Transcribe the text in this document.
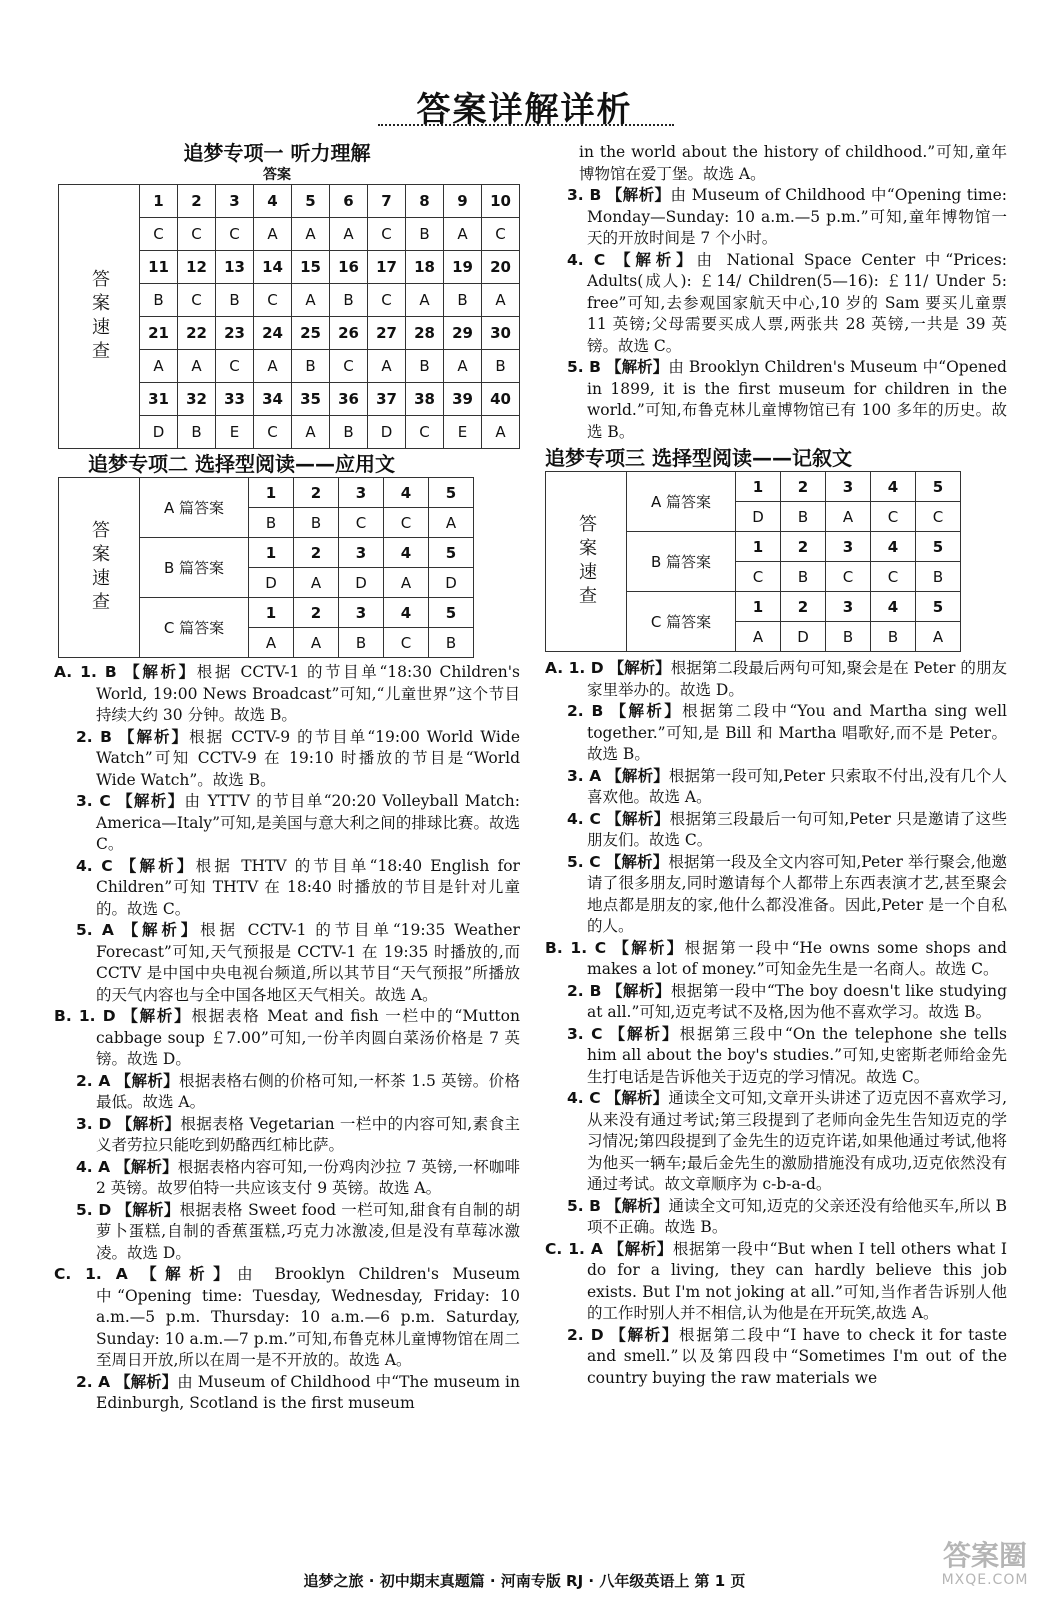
答案详解详析
追梦专项一 听力理解
答案
答案速查	1	2	3	4	5	6	7	8	9	10
	C	C	C	A	A	A	C	B	A	C
	11	12	13	14	15	16	17	18	19	20
	B	C	B	C	A	B	C	A	B	A
	21	22	23	24	25	26	27	28	29	30
	A	A	C	A	B	C	A	B	A	B
	31	32	33	34	35	36	37	38	39	40
	D	B	E	C	A	B	D	C	E	A
追梦专项二 选择型阅读——应用文
答案速查	A 篇答案	1	2	3	4	5
		B	B	C	C	A
	B 篇答案	1	2	3	4	5
		D	A	D	A	D
	C 篇答案	1	2	3	4	5
		A	A	B	C	B
A. 1. B 【解析】根据 CCTV-1 的节目单“18:30 Children's World, 19:00 News Broadcast”可知,“儿童世界”这个节目持续大约 30 分钟。故选 B。
2. B 【解析】根据 CCTV-9 的节目单“19:00 World Wide Watch”可知 CCTV-9 在 19:10 时播放的节目是“World Wide Watch”。故选 B。
3. C 【解析】由 YTTV 的节目单“20:20 Volleyball Match: America—Italy”可知,是美国与意大利之间的排球比赛。故选 C。
4. C 【解析】根据 THTV 的节目单“18:40 English for Children”可知 THTV 在 18:40 时播放的节目是针对儿童的。故选 C。
5. A 【解析】根据 CCTV-1 的节目单“19:35 Weather Forecast”可知,天气预报是 CCTV-1 在 19:35 时播放的,而 CCTV 是中国中央电视台频道,所以其节目“天气预报”所播放的天气内容也与全中国各地区天气相关。故选 A。
B. 1. D 【解析】根据表格 Meat and fish 一栏中的“Mutton cabbage soup ￡7.00”可知,一份羊肉圆白菜汤价格是 7 英镑。故选 D。
2. A 【解析】根据表格右侧的价格可知,一杯茶 1.5 英镑。价格最低。故选 A。
3. D 【解析】根据表格 Vegetarian 一栏中的内容可知,素食主义者劳拉只能吃到奶酪西红柿比萨。
4. A 【解析】根据表格内容可知,一份鸡肉沙拉 7 英镑,一杯咖啡 2 英镑。故罗伯特一共应该支付 9 英镑。故选 A。
5. D 【解析】根据表格 Sweet food 一栏可知,甜食有自制的胡萝卜蛋糕,自制的香蕉蛋糕,巧克力冰激凌,但是没有草莓冰激凌。故选 D。
C. 1. A 【解析】由 Brooklyn Children's Museum 中“Opening time: Tuesday, Wednesday, Friday: 10 a.m.—5 p.m. Thursday: 10 a.m.—6 p.m. Saturday, Sunday: 10 a.m.—7 p.m.”可知,布鲁克林儿童博物馆在周二至周日开放,所以在周一是不开放的。故选 A。
2. A 【解析】由 Museum of Childhood 中“The museum in Edinburgh, Scotland is the first museum
in the world about the history of childhood.”可知,童年博物馆在爱丁堡。故选 A。
3. B 【解析】由 Museum of Childhood 中“Opening time: Monday—Sunday: 10 a.m.—5 p.m.”可知,童年博物馆一天的开放时间是 7 个小时。
4. C 【解析】由 National Space Center 中“Prices: Adults(成人): ￡14/ Children(5—16): ￡11/ Under 5: free”可知,去参观国家航天中心,10 岁的 Sam 要买儿童票 11 英镑;父母需要买成人票,两张共 28 英镑,一共是 39 英镑。故选 C。
5. B 【解析】由 Brooklyn Children's Museum 中“Opened in 1899, it is the first museum for children in the world.”可知,布鲁克林儿童博物馆已有 100 多年的历史。故选 B。
追梦专项三 选择型阅读——记叙文
答案速查	A 篇答案	1	2	3	4	5
		D	B	A	C	C
	B 篇答案	1	2	3	4	5
		C	B	C	C	B
	C 篇答案	1	2	3	4	5
		A	D	B	B	A
A. 1. D 【解析】根据第二段最后两句可知,聚会是在 Peter 的朋友家里举办的。故选 D。
2. B 【解析】根据第二段中“You and Martha sing well together.”可知,是 Bill 和 Martha 唱歌好,而不是 Peter。故选 B。
3. A 【解析】根据第一段可知,Peter 只索取不付出,没有几个人喜欢他。故选 A。
4. C 【解析】根据第三段最后一句可知,Peter 只是邀请了这些朋友们。故选 C。
5. C 【解析】根据第一段及全文内容可知,Peter 举行聚会,他邀请了很多朋友,同时邀请每个人都带上东西表演才艺,甚至聚会地点都是朋友的家,他什么都没准备。因此,Peter 是一个自私的人。
B. 1. C 【解析】根据第一段中“He owns some shops and makes a lot of money.”可知金先生是一名商人。故选 C。
2. B 【解析】根据第一段中“The boy doesn't like studying at all.”可知,迈克考试不及格,因为他不喜欢学习。故选 B。
3. C 【解析】根据第三段中“On the telephone she tells him all about the boy's studies.”可知,史密斯老师给金先生打电话是告诉他关于迈克的学习情况。故选 C。
4. C 【解析】通读全文可知,文章开头讲述了迈克因不喜欢学习,从来没有通过考试;第三段提到了老师向金先生告知迈克的学习情况;第四段提到了金先生的迈克许诺,如果他通过考试,他将为他买一辆车;最后金先生的激励措施没有成功,迈克依然没有通过考试。故文章顺序为 c-b-a-d。
5. B 【解析】通读全文可知,迈克的父亲还没有给他买车,所以 B 项不正确。故选 B。
C. 1. A 【解析】根据第一段中“But when I tell others what I do for a living, they can hardly believe this job exists. But I'm not joking at all.”可知,当作者告诉别人他的工作时别人并不相信,认为他是在开玩笑,故选 A。
2. D 【解析】根据第二段中“I have to check it for taste and smell.”以及第四段中“Sometimes I'm out of the country buying the raw materials we
追梦之旅 · 初中期末真题篇 · 河南专版 RJ · 八年级英语上 第 1 页
答案圈
MXQE.COM
